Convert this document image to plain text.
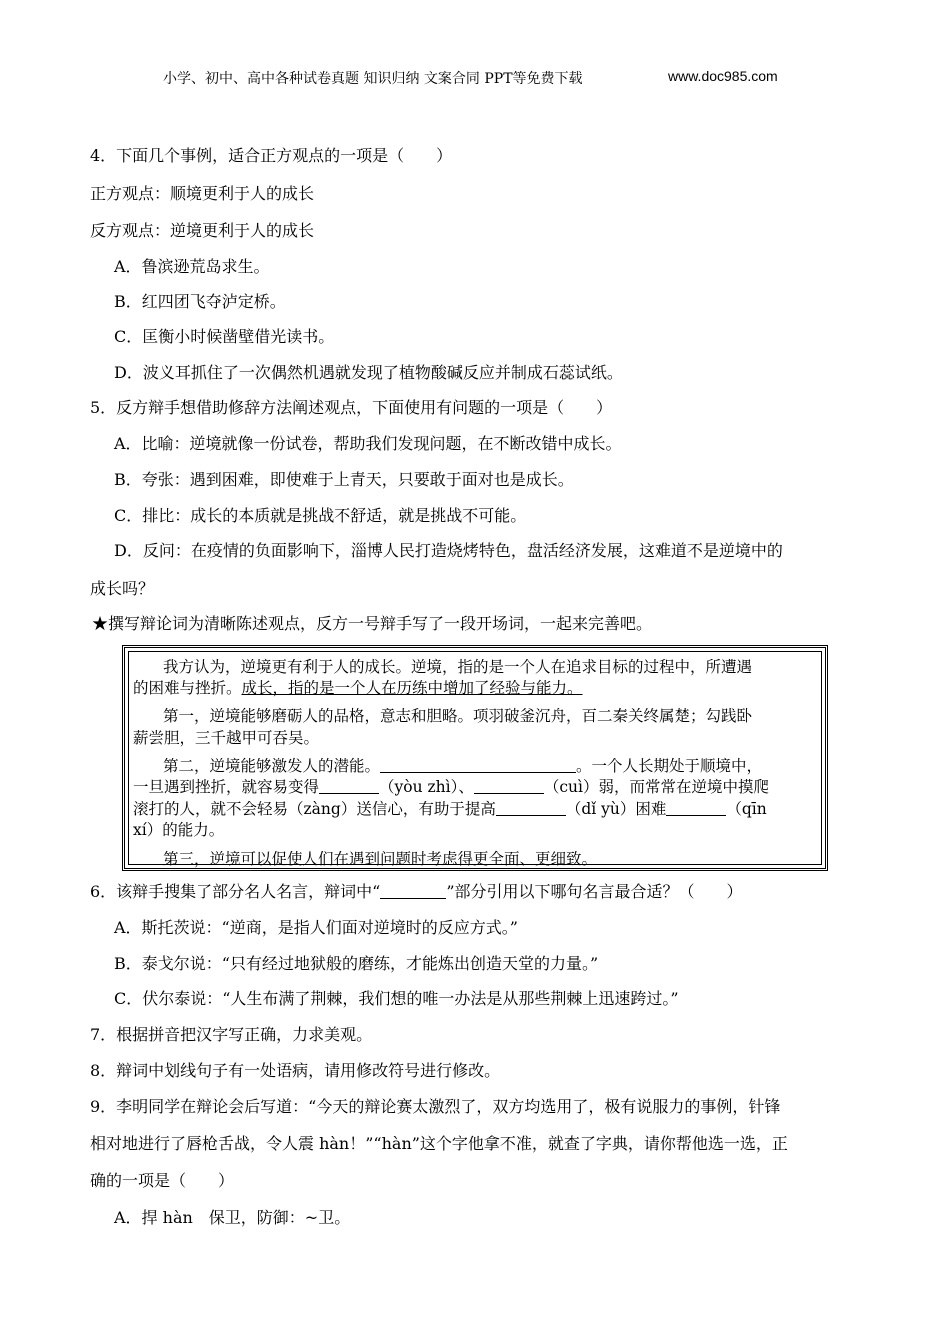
小学、初中、高中各种试卷真题 知识归纳 文案合同 PPT等免费下载	www.doc985.com
4．下面几个事例，适合正方观点的一项是（　　）
正方观点：顺境更利于人的成长
反方观点：逆境更利于人的成长
A．鲁滨逊荒岛求生。
B．红四团飞夺泸定桥。
C．匡衡小时候凿壁借光读书。
D．波义耳抓住了一次偶然机遇就发现了植物酸碱反应并制成石蕊试纸。
5．反方辩手想借助修辞方法阐述观点，下面使用有问题的一项是（　　）
A．比喻：逆境就像一份试卷，帮助我们发现问题，在不断改错中成长。
B．夸张：遇到困难，即使难于上青天，只要敢于面对也是成长。
C．排比：成长的本质就是挑战不舒适，就是挑战不可能。
D．反问：在疫情的负面影响下，淄博人民打造烧烤特色，盘活经济发展，这难道不是逆境中的
成长吗？
★撰写辩论词为清晰陈述观点，反方一号辩手写了一段开场词，一起来完善吧。
我方认为，逆境更有利于人的成长。逆境，指的是一个人在追求目标的过程中，所遭遇
的困难与挫折。成长，指的是一个人在历练中增加了经验与能力。
第一，逆境能够磨砺人的品格，意志和胆略。项羽破釜沉舟，百二秦关终属楚；勾践卧
薪尝胆，三千越甲可吞吴。
第二，逆境能够激发人的潜能。	。一个人长期处于顺境中，
一旦遇到挫折，就容易变得	（yòu zhì）、	（cuì）弱，而常常在逆境中摸爬
滚打的人，就不会轻易（zàng）送信心，有助于提高	（dǐ yù）困难	（qīn
xí）的能力。
第三，逆境可以促使人们在遇到问题时考虑得更全面、更细致。
6．该辩手搜集了部分名人名言，辩词中“	”部分引用以下哪句名言最合适？（　　）
A．斯托茨说：“逆商，是指人们面对逆境时的反应方式。”
B．泰戈尔说：“只有经过地狱般的磨练，才能炼出创造天堂的力量。”
C．伏尔泰说：“人生布满了荆棘，我们想的唯一办法是从那些荆棘上迅速跨过。”
7．根据拼音把汉字写正确，力求美观。
8．辩词中划线句子有一处语病，请用修改符号进行修改。
9．李明同学在辩论会后写道：“今天的辩论赛太激烈了，双方均选用了，极有说服力的事例，针锋
相对地进行了唇枪舌战，令人震 hàn！”“hàn”这个字他拿不准，就查了字典，请你帮他选一选，正
确的一项是（　　）
A．捍 hàn　保卫，防御：~卫。
